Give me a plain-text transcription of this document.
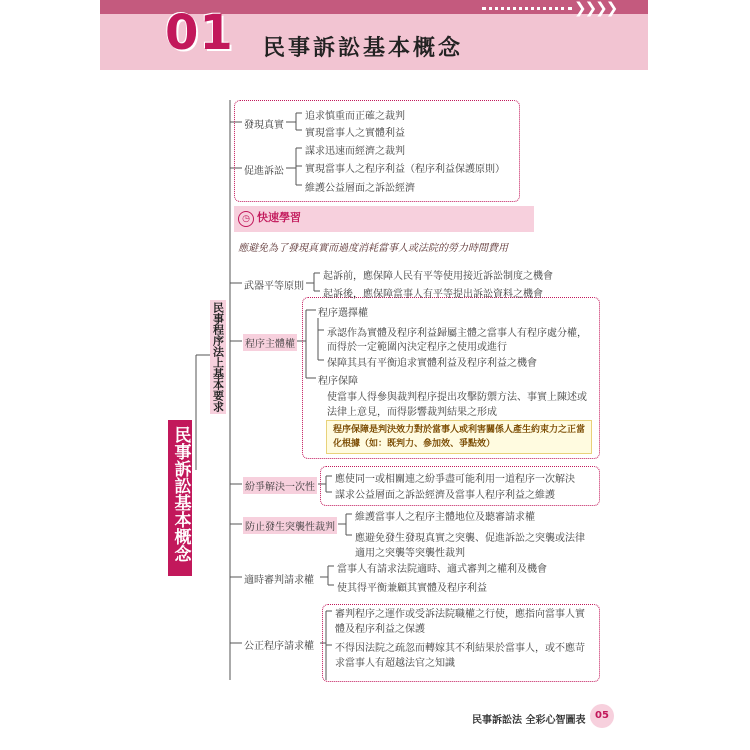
❯❯❯❯
01 民事訴訟基本概念
民事訴訟基本概念
民事程序法上基本要求
發現真實
追求慎重而正確之裁判
實現當事人之實體利益
促進訴訟
謀求迅速而經濟之裁判
實現當事人之程序利益（程序利益保護原則）
維護公益層面之訴訟經濟
◷ 快速學習
應避免為了發現真實而過度消耗當事人或法院的勞力時間費用
武器平等原則
起訴前，應保障人民有平等使用接近訴訟制度之機會
起訴後，應保障當事人有平等提出訴訟資料之機會
程序主體權
程序選擇權
承認作為實體及程序利益歸屬主體之當事人有程序處分權，
而得於一定範圍內決定程序之使用或進行
保障其具有平衡追求實體利益及程序利益之機會
程序保障
使當事人得參與裁判程序提出攻擊防禦方法、事實上陳述或
法律上意見，而得影響裁判結果之形成
程序保障是判決效力對於當事人或利害關係人產生約束力之正當
化根據（如：既判力、參加效、爭點效）
紛爭解決一次性
應使同一或相關連之紛爭盡可能利用一道程序一次解決
謀求公益層面之訴訟經濟及當事人程序利益之維護
防止發生突襲性裁判
維護當事人之程序主體地位及聽審請求權
應避免發生發現真實之突襲、促進訴訟之突襲或法律
適用之突襲等突襲性裁判
適時審判請求權
當事人有請求法院適時、適式審判之權利及機會
使其得平衡兼顧其實體及程序利益
公正程序請求權
審判程序之運作或受訴法院職權之行使，應指向當事人實
體及程序利益之保護
不得因法院之疏忽而轉嫁其不利結果於當事人，或不應苛
求當事人有超越法官之知識
民事訴訟法 全彩心智圖表 05
